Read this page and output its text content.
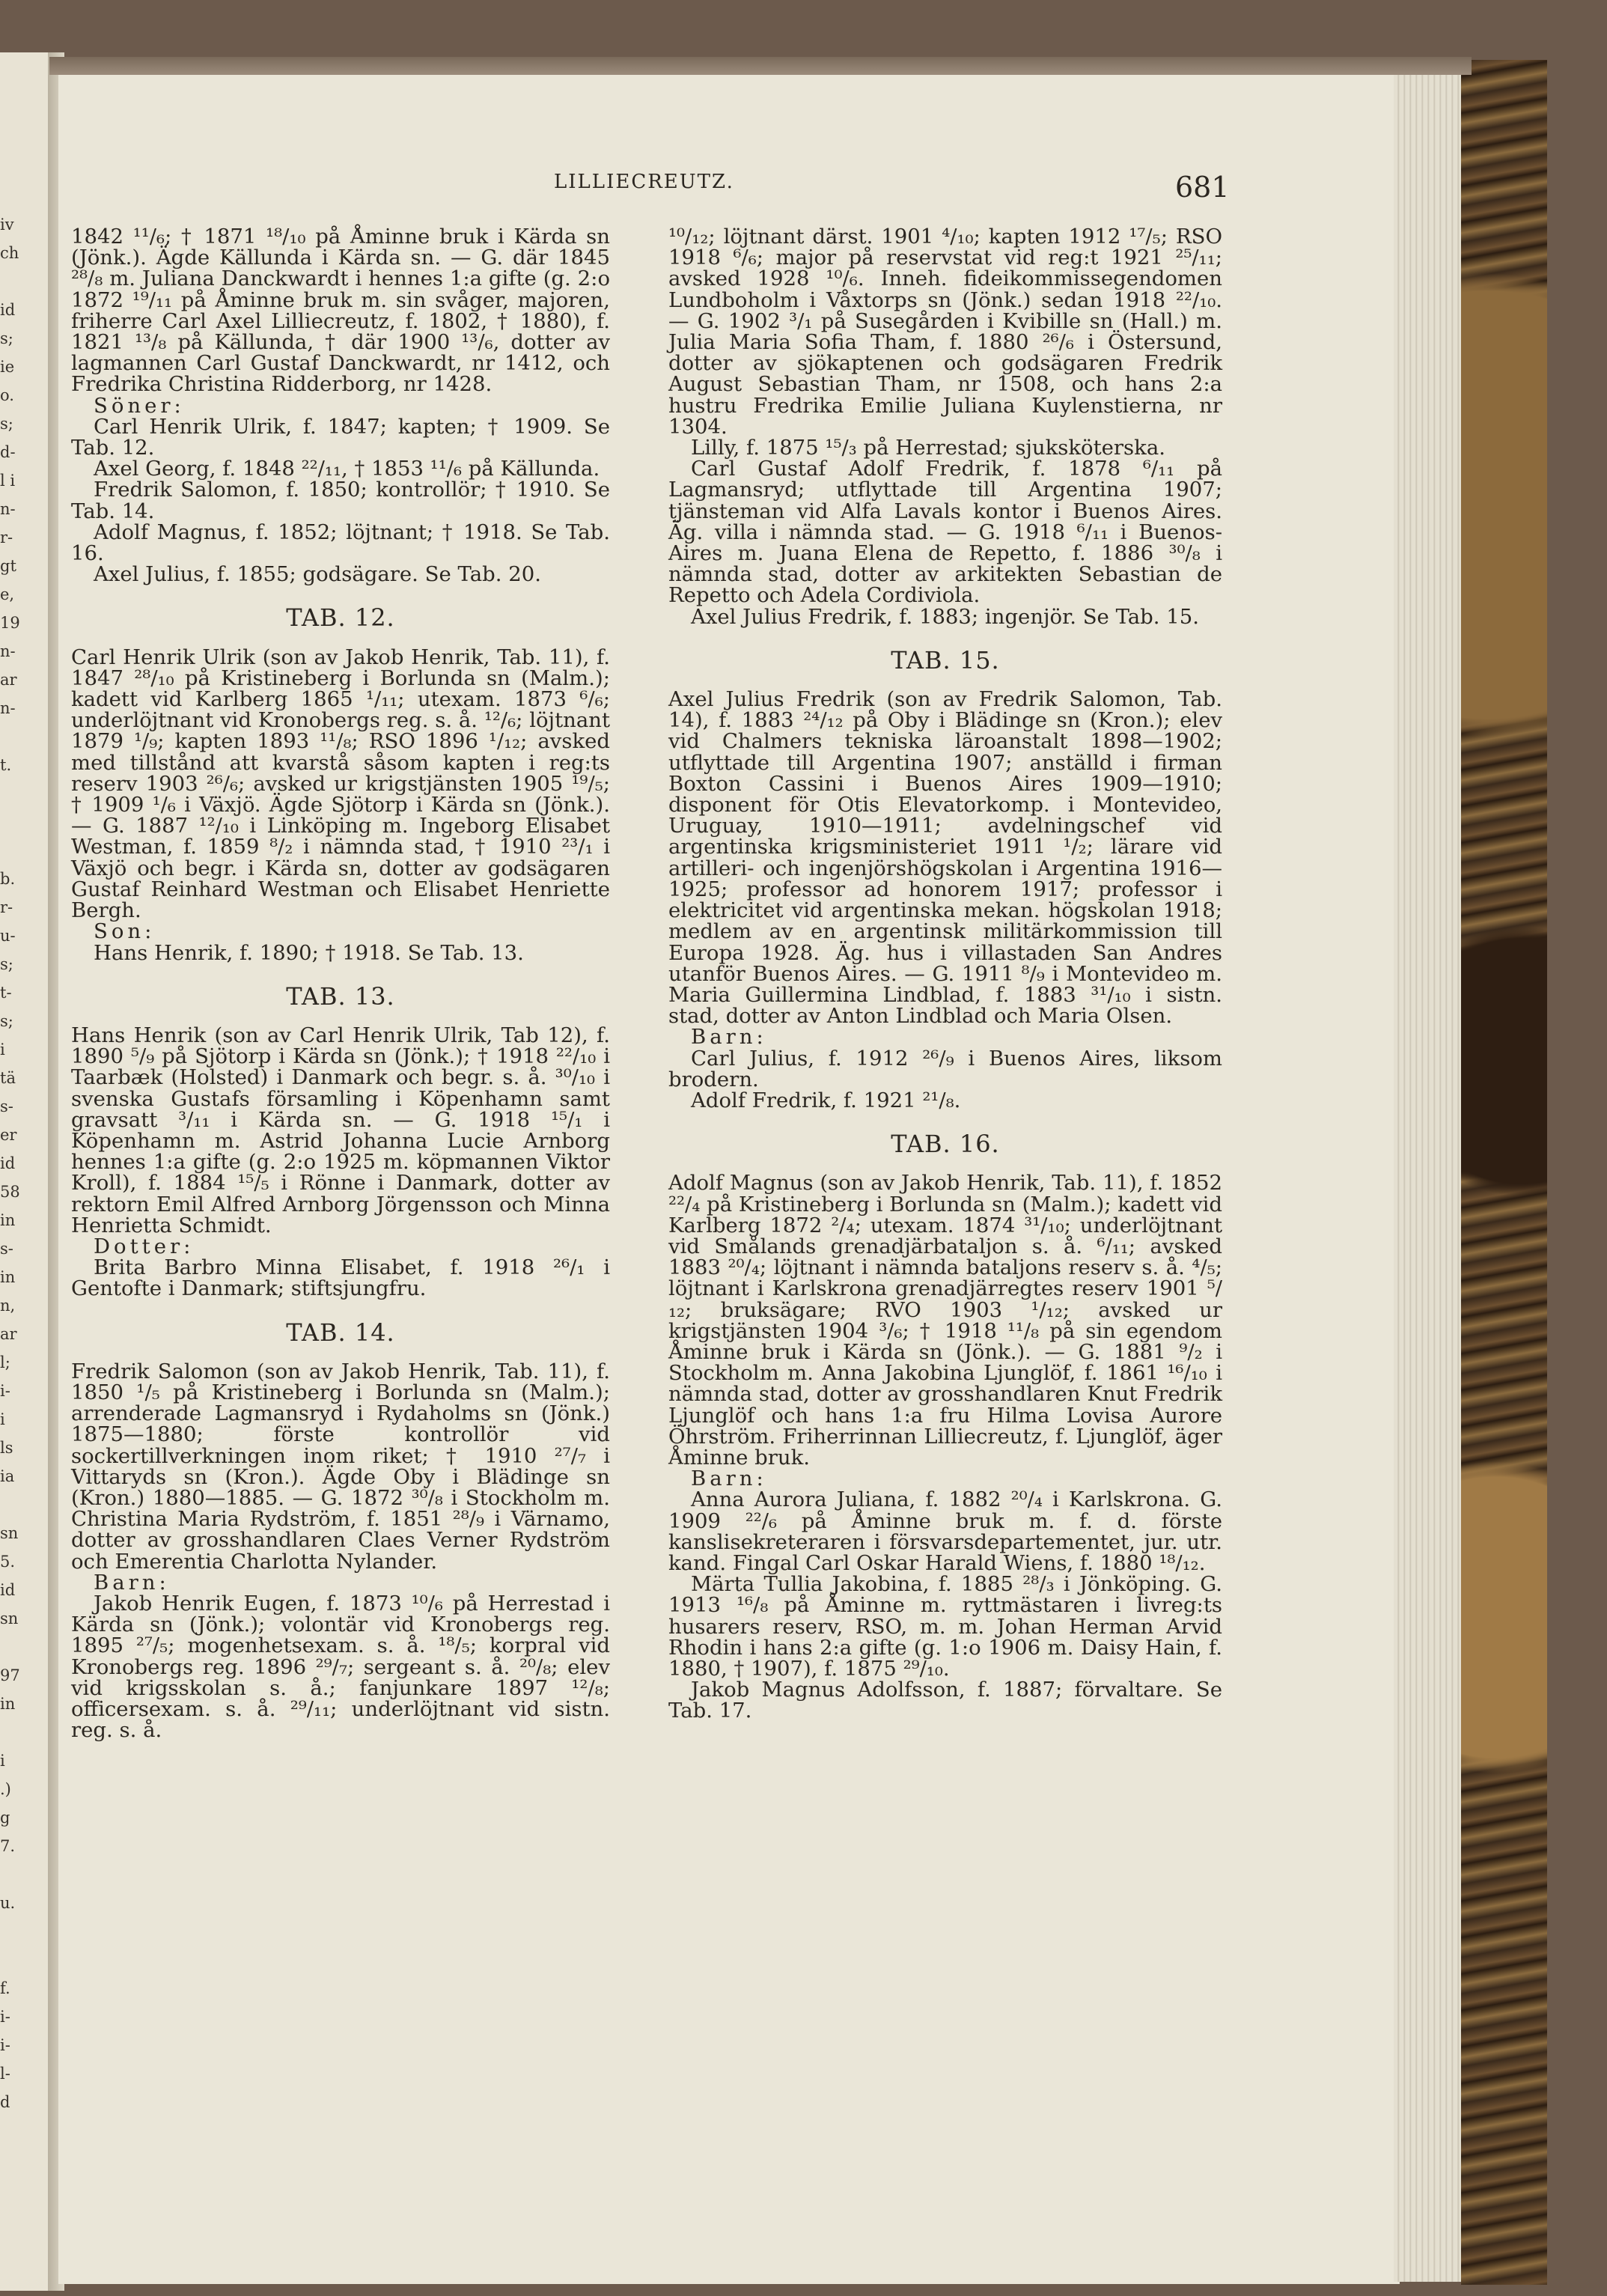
iv
ch
id
s;
ie
o.
s;
d-
l i
n-
r-
gt
e,
19
n-
ar
n-
t.
b.
r-
u-
s;
t-
s;
i
tä
s-
er
id
58
in
s-
in
n,
ar
l;
i-
i
ls
ia
sn
5.
id
sn
97
in
i
.)
g
7.
u.
f.
i-
i-
l-
d
LILLIECREUTZ.	681

1842 ¹¹/₆; † 1871 ¹⁸/₁₀ på Åminne bruk i Kärda sn (Jönk.). Ägde Källunda i Kärda sn. — G. där 1845 ²⁸/₈ m. Juliana Danckwardt i hennes 1:a gifte (g. 2:o 1872 ¹⁹/₁₁ på Åminne bruk m. sin svåger, majoren, friherre Carl Axel Lilliecreutz, f. 1802, † 1880), f. 1821 ¹³/₈ på Källunda, † där 1900 ¹³/₆, dotter av lagmannen Carl Gustaf Danckwardt, nr 1412, och Fredrika Christina Ridderborg, nr 1428.

Söner:

Carl Henrik Ulrik, f. 1847; kapten; † 1909. Se Tab. 12.

Axel Georg, f. 1848 ²²/₁₁, † 1853 ¹¹/₆ på Källunda.

Fredrik Salomon, f. 1850; kontrollör; † 1910. Se Tab. 14.

Adolf Magnus, f. 1852; löjtnant; † 1918. Se Tab. 16.

Axel Julius, f. 1855; godsägare. Se Tab. 20.

TAB. 12.

Carl Henrik Ulrik (son av Jakob Henrik, Tab. 11), f. 1847 ²⁸/₁₀ på Kristineberg i Borlunda sn (Malm.); kadett vid Karlberg 1865 ¹/₁₁; utexam. 1873 ⁶/₆; underlöjtnant vid Kronobergs reg. s. å. ¹²/₆; löjtnant 1879 ¹/₉; kapten 1893 ¹¹/₈; RSO 1896 ¹/₁₂; avsked med tillstånd att kvarstå såsom kapten i reg:ts reserv 1903 ²⁶/₆; avsked ur krigstjänsten 1905 ¹⁹/₅; † 1909 ¹/₆ i Växjö. Ägde Sjötorp i Kärda sn (Jönk.). — G. 1887 ¹²/₁₀ i Linköping m. Ingeborg Elisabet Westman, f. 1859 ⁸/₂ i nämnda stad, † 1910 ²³/₁ i Växjö och begr. i Kärda sn, dotter av godsägaren Gustaf Reinhard Westman och Elisabet Henriette Bergh.

Son:

Hans Henrik, f. 1890; † 1918. Se Tab. 13.

TAB. 13.

Hans Henrik (son av Carl Henrik Ulrik, Tab 12), f. 1890 ⁵/₉ på Sjötorp i Kärda sn (Jönk.); † 1918 ²²/₁₀ i Taarbæk (Holsted) i Danmark och begr. s. å. ³⁰/₁₀ i svenska Gustafs församling i Köpenhamn samt gravsatt ³/₁₁ i Kärda sn. — G. 1918 ¹⁵/₁ i Köpenhamn m. Astrid Johanna Lucie Arnborg hennes 1:a gifte (g. 2:o 1925 m. köpmannen Viktor Kroll), f. 1884 ¹⁵/₅ i Rönne i Danmark, dotter av rektorn Emil Alfred Arnborg Jörgensson och Minna Henrietta Schmidt.

Dotter:

Brita Barbro Minna Elisabet, f. 1918 ²⁶/₁ i Gentofte i Danmark; stiftsjungfru.

TAB. 14.

Fredrik Salomon (son av Jakob Henrik, Tab. 11), f. 1850 ¹/₅ på Kristineberg i Borlunda sn (Malm.); arrenderade Lagmansryd i Rydaholms sn (Jönk.) 1875—1880; förste kontrollör vid sockertillverkningen inom riket; † 1910 ²⁷/₇ i Vittaryds sn (Kron.). Ägde Oby i Blädinge sn (Kron.) 1880—1885. — G. 1872 ³⁰/₈ i Stockholm m. Christina Maria Rydström, f. 1851 ²⁸/₉ i Värnamo, dotter av grosshandlaren Claes Verner Rydström och Emerentia Charlotta Nylander.

Barn:

Jakob Henrik Eugen, f. 1873 ¹⁰/₆ på Herrestad i Kärda sn (Jönk.); volontär vid Kronobergs reg. 1895 ²⁷/₅; mogenhetsexam. s. å. ¹⁸/₅; korpral vid Kronobergs reg. 1896 ²⁹/₇; sergeant s. å. ²⁰/₈; elev vid krigsskolan s. å.; fanjunkare 1897 ¹²/₈; officersexam. s. å. ²⁹/₁₁; underlöjtnant vid sistn. reg. s. å.

¹⁰/₁₂; löjtnant därst. 1901 ⁴/₁₀; kapten 1912 ¹⁷/₅; RSO 1918 ⁶/₆; major på reservstat vid reg:t 1921 ²⁵/₁₁; avsked 1928 ¹⁰/₆. Inneh. fideikommissegendomen Lundboholm i Våxtorps sn (Jönk.) sedan 1918 ²²/₁₀. — G. 1902 ³/₁ på Susegården i Kvibille sn (Hall.) m. Julia Maria Sofia Tham, f. 1880 ²⁶/₆ i Östersund, dotter av sjökaptenen och godsägaren Fredrik August Sebastian Tham, nr 1508, och hans 2:a hustru Fredrika Emilie Juliana Kuylenstierna, nr 1304.

Lilly, f. 1875 ¹⁵/₃ på Herrestad; sjuksköterska.

Carl Gustaf Adolf Fredrik, f. 1878 ⁶/₁₁ på Lagmansryd; utflyttade till Argentina 1907; tjänsteman vid Alfa Lavals kontor i Buenos Aires. Äg. villa i nämnda stad. — G. 1918 ⁶/₁₁ i Buenos-Aires m. Juana Elena de Repetto, f. 1886 ³⁰/₈ i nämnda stad, dotter av arkitekten Sebastian de Repetto och Adela Cordiviola.

Axel Julius Fredrik, f. 1883; ingenjör. Se Tab. 15.

TAB. 15.

Axel Julius Fredrik (son av Fredrik Salomon, Tab. 14), f. 1883 ²⁴/₁₂ på Oby i Blädinge sn (Kron.); elev vid Chalmers tekniska läroanstalt 1898—1902; utflyttade till Argentina 1907; anställd i firman Boxton Cassini i Buenos Aires 1909—1910; disponent för Otis Elevatorkomp. i Montevideo, Uruguay, 1910—1911; avdelningschef vid argentinska krigsministeriet 1911 ¹/₂; lärare vid artilleri- och ingenjörshögskolan i Argentina 1916—1925; professor ad honorem 1917; professor i elektricitet vid argentinska mekan. högskolan 1918; medlem av en argentinsk militärkommission till Europa 1928. Äg. hus i villastaden San Andres utanför Buenos Aires. — G. 1911 ⁸/₉ i Montevideo m. Maria Guillermina Lindblad, f. 1883 ³¹/₁₀ i sistn. stad, dotter av Anton Lindblad och Maria Olsen.

Barn:

Carl Julius, f. 1912 ²⁶/₉ i Buenos Aires, liksom brodern.

Adolf Fredrik, f. 1921 ²¹/₈.

TAB. 16.

Adolf Magnus (son av Jakob Henrik, Tab. 11), f. 1852 ²²/₄ på Kristineberg i Borlunda sn (Malm.); kadett vid Karlberg 1872 ²/₄; utexam. 1874 ³¹/₁₀; underlöjtnant vid Smålands grenadjärbataljon s. å. ⁶/₁₁; avsked 1883 ²⁰/₄; löjtnant i nämnda bataljons reserv s. å. ⁴/₅; löjtnant i Karlskrona grenadjärregtes reserv 1901 ⁵/₁₂; bruksägare; RVO 1903 ¹/₁₂; avsked ur krigstjänsten 1904 ³/₆; † 1918 ¹¹/₈ på sin egendom Åminne bruk i Kärda sn (Jönk.). — G. 1881 ⁹/₂ i Stockholm m. Anna Jakobina Ljunglöf, f. 1861 ¹⁶/₁₀ i nämnda stad, dotter av grosshandlaren Knut Fredrik Ljunglöf och hans 1:a fru Hilma Lovisa Aurore Öhrström. Friherrinnan Lilliecreutz, f. Ljunglöf, äger Åminne bruk.

Barn:

Anna Aurora Juliana, f. 1882 ²⁰/₄ i Karlskrona. G. 1909 ²²/₆ på Åminne bruk m. f. d. förste kanslisekreteraren i försvarsdepartementet, jur. utr. kand. Fingal Carl Oskar Harald Wiens, f. 1880 ¹⁸/₁₂.

Märta Tullia Jakobina, f. 1885 ²⁸/₃ i Jönköping. G. 1913 ¹⁶/₈ på Åminne m. ryttmästaren i livreg:ts husarers reserv, RSO, m. m. Johan Herman Arvid Rhodin i hans 2:a gifte (g. 1:o 1906 m. Daisy Hain, f. 1880, † 1907), f. 1875 ²⁹/₁₀.

Jakob Magnus Adolfsson, f. 1887; förvaltare. Se Tab. 17.
